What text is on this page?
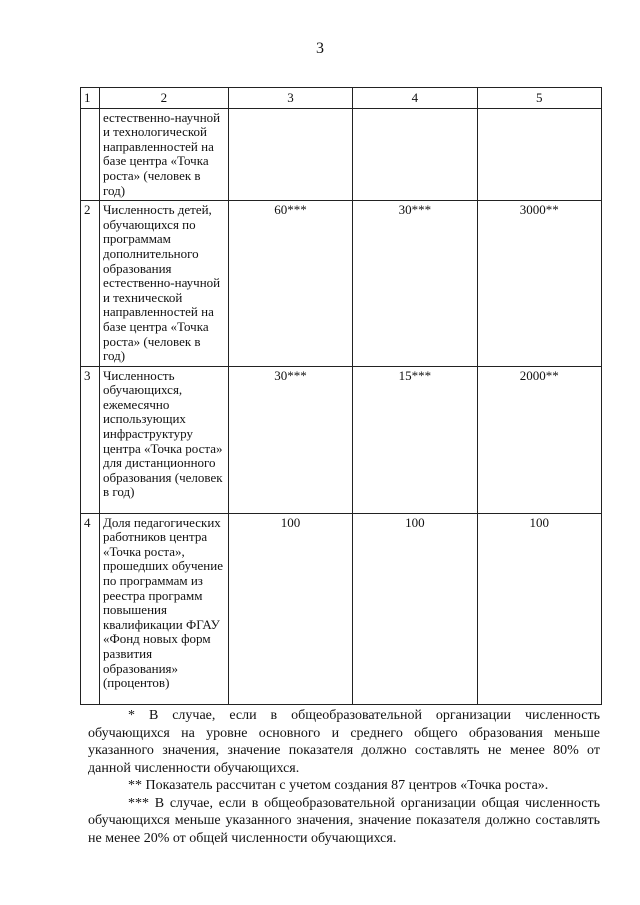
3
1	2	3	4	5
	естественно-научной и технологической направленностей на базе центра «Точка роста» (человек в год)			
2	Численность детей, обучающихся по программам дополнительного образования естественно-научной и технической направленностей на базе центра «Точка роста» (человек в год)	60***	30***	3000**
3	Численность обучающихся, ежемесячно использующих инфраструктуру центра «Точка роста» для дистанционного образования (человек в год)	30***	15***	2000**
4	Доля педагогических работников центра «Точка роста», прошедших обучение по программам из реестра программ повышения квалификации ФГАУ «Фонд новых форм развития образования» (процентов)	100	100	100

* В случае, если в общеобразовательной организации численность обучающихся на уровне основного и среднего общего образования меньше указанного значения, значение показателя должно составлять не менее 80% от данной численности обучающихся.

** Показатель рассчитан с учетом создания 87 центров «Точка роста».

*** В случае, если в общеобразовательной организации общая численность обучающихся меньше указанного значения, значение показателя должно составлять не менее 20% от общей численности обучающихся.
